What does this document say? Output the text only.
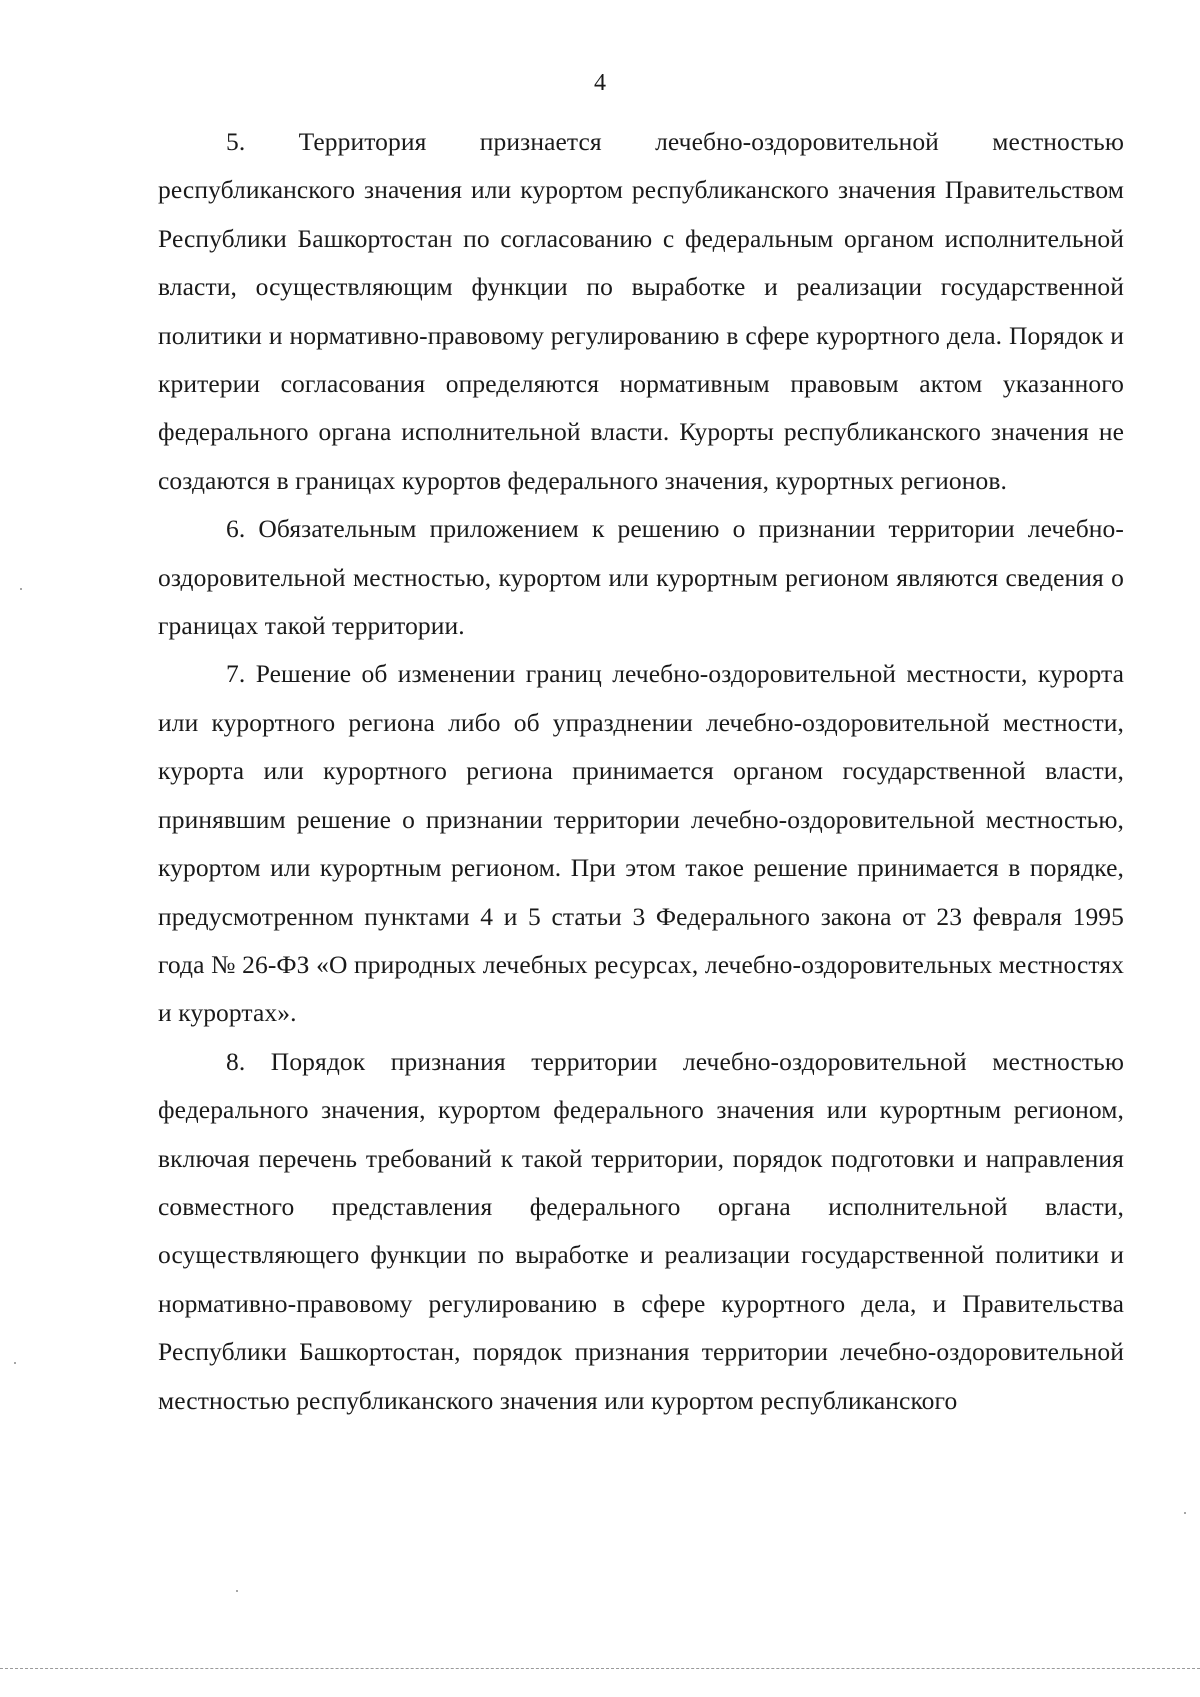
4

5. Территория признается лечебно-оздоровительной местностью республиканского значения или курортом республиканского значения Правительством Республики Башкортостан по согласованию с федеральным органом исполнительной власти, осуществляющим функции по выработке и реализации государственной политики и нормативно-правовому регулированию в сфере курортного дела. Порядок и критерии согласования определяются нормативным правовым актом указанного федерального органа исполнительной власти. Курорты республиканского значения не создаются в границах курортов федерального значения, курортных регионов.

6. Обязательным приложением к решению о признании территории лечебно-оздоровительной местностью, курортом или курортным регионом являются сведения о границах такой территории.

7. Решение об изменении границ лечебно-оздоровительной местности, курорта или курортного региона либо об упразднении лечебно-оздоровительной местности, курорта или курортного региона принимается органом государственной власти, принявшим решение о признании территории лечебно-оздоровительной местностью, курортом или курортным регионом. При этом такое решение принимается в порядке, предусмотренном пунктами 4 и 5 статьи 3 Федерального закона от 23 февраля 1995 года № 26-ФЗ «О природных лечебных ресурсах, лечебно-оздоровительных местностях и курортах».

8. Порядок признания территории лечебно-оздоровительной местностью федерального значения, курортом федерального значения или курортным регионом, включая перечень требований к такой территории, порядок подготовки и направления совместного представления федерального органа исполнительной власти, осуществляющего функции по выработке и реализации государственной политики и нормативно-правовому регулированию в сфере курортного дела, и Правительства Республики Башкортостан, порядок признания территории лечебно-оздоровительной местностью республиканского значения или курортом республиканского
